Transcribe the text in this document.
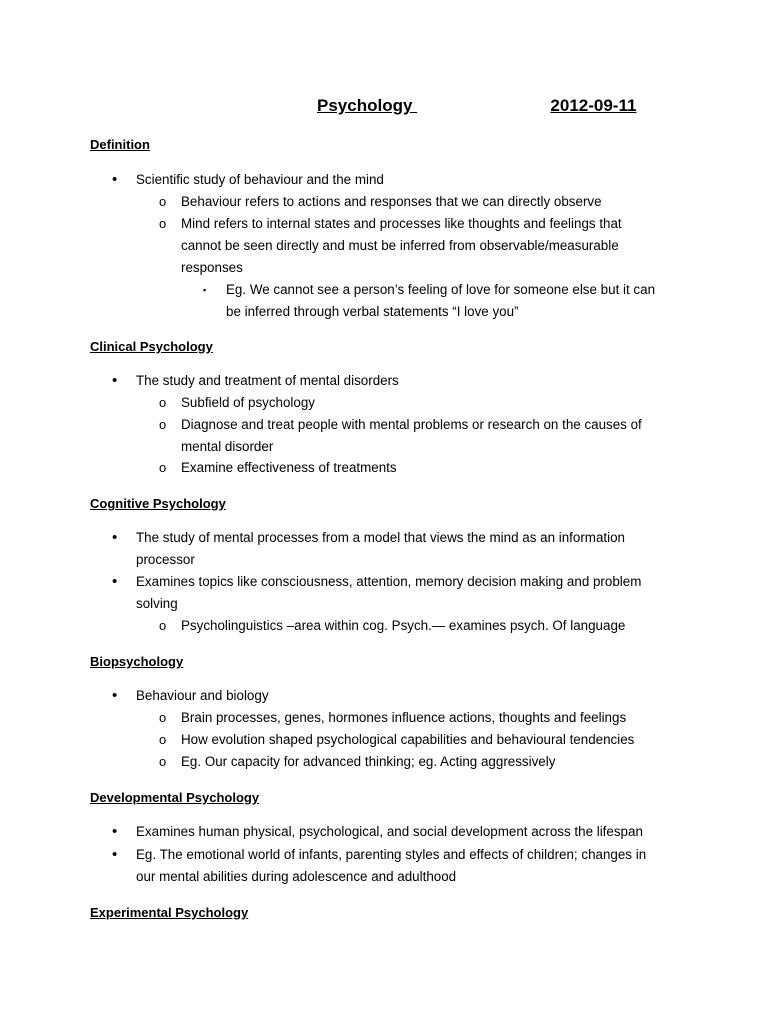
Psychology	2012-09-11
Definition
• Scientific study of behaviour and the mind
o Behaviour refers to actions and responses that we can directly observe
o Mind refers to internal states and processes like thoughts and feelings that
cannot be seen directly and must be inferred from observable/measurable
responses
▪ Eg. We cannot see a person’s feeling of love for someone else but it can
be inferred through verbal statements “I love you”
Clinical Psychology
• The study and treatment of mental disorders
o Subfield of psychology
o Diagnose and treat people with mental problems or research on the causes of
mental disorder
o Examine effectiveness of treatments
Cognitive Psychology
• The study of mental processes from a model that views the mind as an information
processor
• Examines topics like consciousness, attention, memory decision making and problem
solving
o Psycholinguistics –area within cog. Psych.— examines psych. Of language
Biopsychology
• Behaviour and biology
o Brain processes, genes, hormones influence actions, thoughts and feelings
o How evolution shaped psychological capabilities and behavioural tendencies
o Eg. Our capacity for advanced thinking; eg. Acting aggressively
Developmental Psychology
• Examines human physical, psychological, and social development across the lifespan
• Eg. The emotional world of infants, parenting styles and effects of children; changes in
our mental abilities during adolescence and adulthood
Experimental Psychology
